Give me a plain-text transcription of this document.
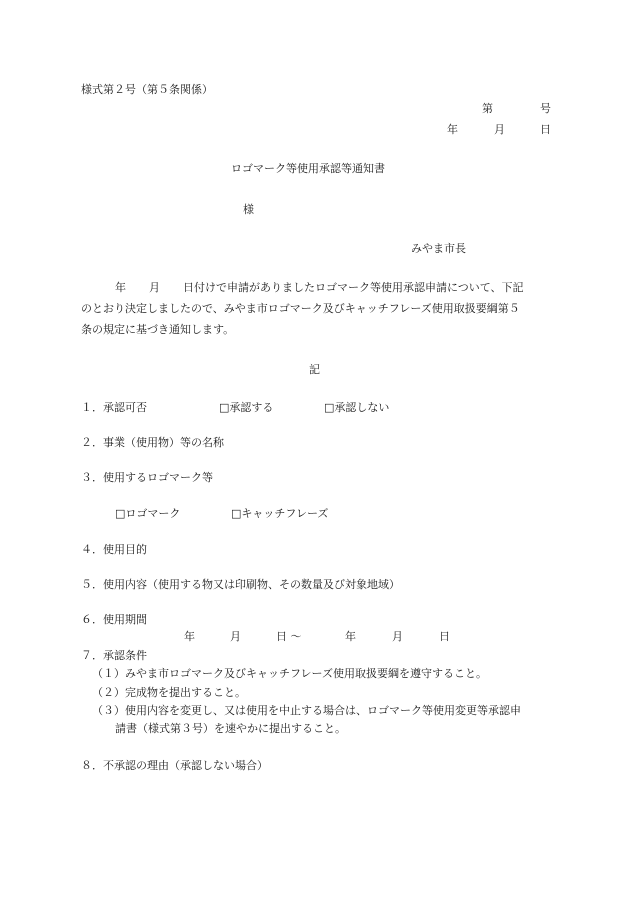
様式第２号（第５条関係）
第	号
年	月	日
ロゴマーク等使用承認等通知書
様
みやま市長
年 月 日付けで申請がありましたロゴマーク等使用承認申請について、下記
のとおり決定しましたので、みやま市ロゴマーク及びキャッチフレーズ使用取扱要綱第５
条の規定に基づき通知します。
記
１．承認可否	□承認する	□承認しない
２．事業（使用物）等の名称
３．使用するロゴマーク等
□ロゴマーク	□キャッチフレーズ
４．使用目的
５．使用内容（使用する物又は印刷物、その数量及び対象地域）
６．使用期間
年	月	日 ～	年	月	日
７．承認条件
（１）みやま市ロゴマーク及びキャッチフレーズ使用取扱要綱を遵守すること。
（２）完成物を提出すること。
（３）使用内容を変更し、又は使用を中止する場合は、ロゴマーク等使用変更等承認申
請書（様式第３号）を速やかに提出すること。
８．不承認の理由（承認しない場合）
